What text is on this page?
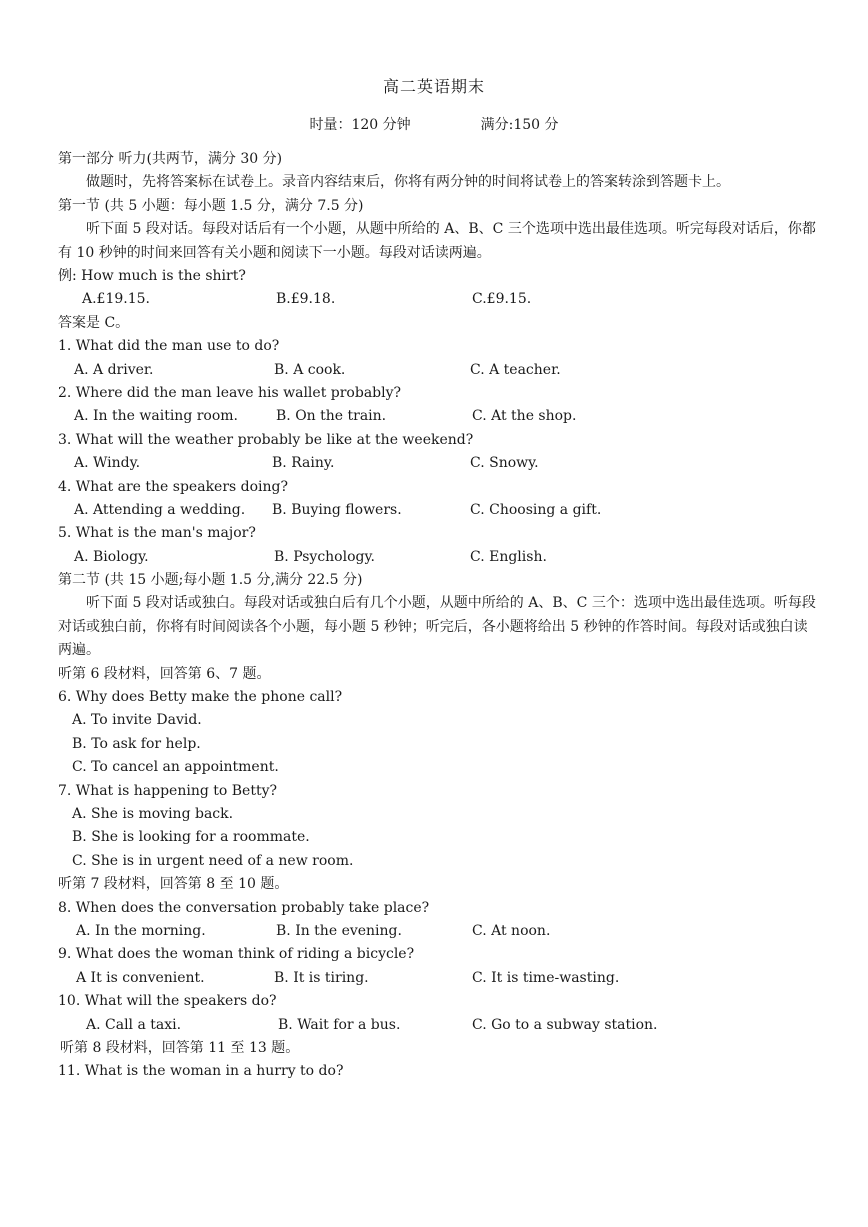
高二英语期末
时量：120 分钟	满分:150 分
第一部分 听力(共两节，满分 30 分)
做题时，先将答案标在试卷上。录音内容结束后，你将有两分钟的时间将试卷上的答案转涂到答题卡上。
第一节 (共 5 小题：每小题 1.5 分，满分 7.5 分)
听下面 5 段对话。每段对话后有一个小题，从题中所给的 A、B、C 三个选项中选出最佳选项。听完每段对话后，你都有 10 秒钟的时间来回答有关小题和阅读下一小题。每段对话读两遍。
例: How much is the shirt?
A.£19.15.	B.£9.18.	C.£9.15.
答案是 C。
1. What did the man use to do?
A. A driver.	B. A cook.	C. A teacher.
2. Where did the man leave his wallet probably?
A. In the waiting room.	B. On the train.	C. At the shop.
3. What will the weather probably be like at the weekend?
A. Windy.	B. Rainy.	C. Snowy.
4. What are the speakers doing?
A. Attending a wedding.	B. Buying flowers.	C. Choosing a gift.
5. What is the man's major?
A. Biology.	B. Psychology.	C. English.
第二节 (共 15 小题;每小题 1.5 分,满分 22.5 分)
听下面 5 段对话或独白。每段对话或独白后有几个小题，从题中所给的 A、B、C 三个：选项中选出最佳选项。听每段对话或独白前，你将有时间阅读各个小题，每小题 5 秒钟；听完后，各小题将给出 5 秒钟的作答时间。每段对话或独白读两遍。
听第 6 段材料，回答第 6、7 题。
6. Why does Betty make the phone call?
A. To invite David.
B. To ask for help.
C. To cancel an appointment.
7. What is happening to Betty?
A. She is moving back.
B. She is looking for a roommate.
C. She is in urgent need of a new room.
听第 7 段材料，回答第 8 至 10 题。
8. When does the conversation probably take place?
A. In the morning.	B. In the evening.	C. At noon.
9. What does the woman think of riding a bicycle?
A It is convenient.	B. It is tiring.	C. It is time-wasting.
10. What will the speakers do?
A. Call a taxi.	B. Wait for a bus.	C. Go to a subway station.
听第 8 段材料，回答第 11 至 13 题。
11. What is the woman in a hurry to do?
